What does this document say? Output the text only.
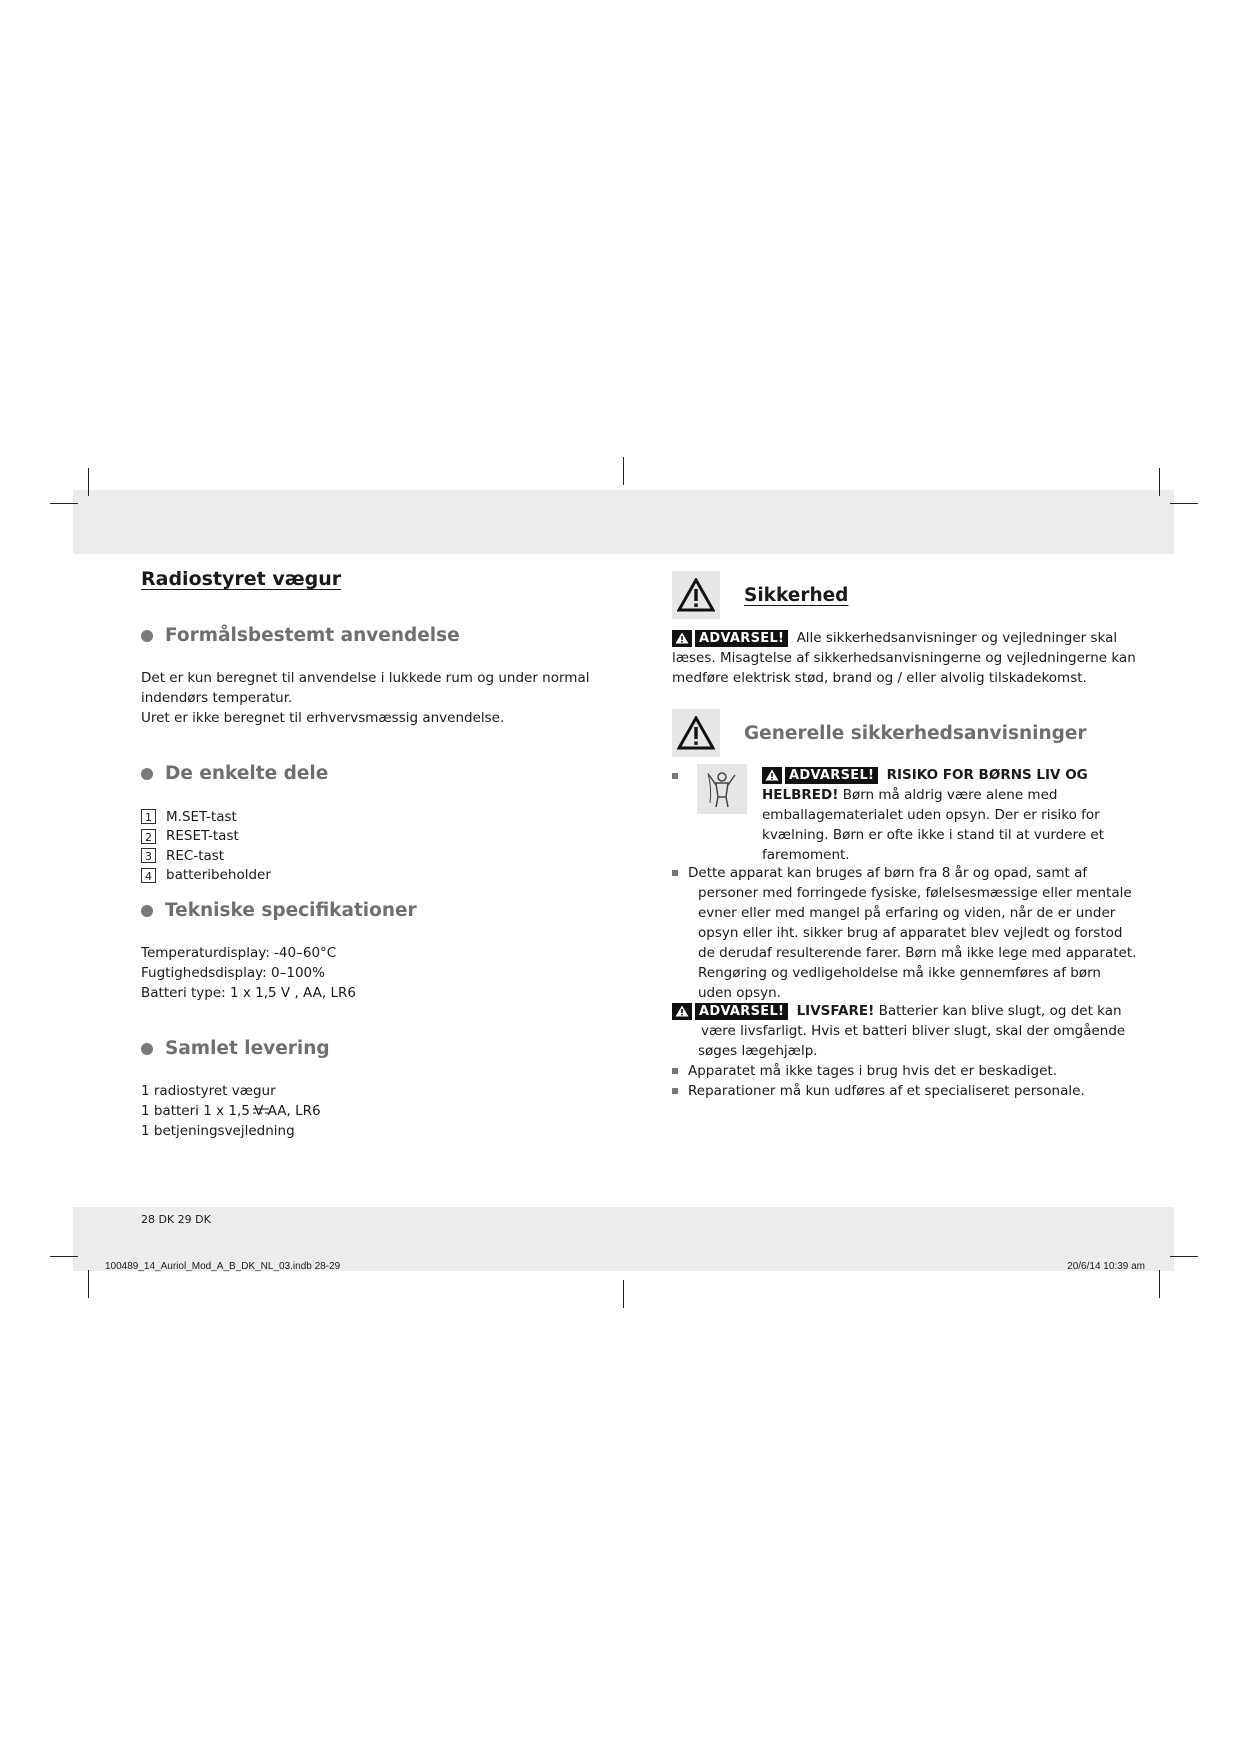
Radiostyret vægur
Formålsbestemt anvendelse
Det er kun beregnet til anvendelse i lukkede rum og under normal
indendørs temperatur.
Uret er ikke beregnet til erhvervsmæssig anvendelse.
De enkelte dele
1 M.SET-tast
2 RESET-tast
3 REC-tast
4 batteribeholder
Tekniske specifikationer
Temperaturdisplay: -40–60°C
Fugtighedsdisplay: 0–100%
Batteri type: 1 x 1,5 V , AA, LR6
Samlet levering
1 radiostyret vægur
1 batteri 1 x 1,5 V AA, LR6
1 betjeningsvejledning
Sikkerhed
ADVARSEL! Alle sikkerhedsanvisninger og vejledninger skal
læses. Misagtelse af sikkerhedsanvisningerne og vejledningerne kan
medføre elektrisk stød, brand og / eller alvolig tilskadekomst.
Generelle sikkerhedsanvisninger
ADVARSEL! RISIKO FOR BØRNS LIV OG
HELBRED! Børn må aldrig være alene med
emballagematerialet uden opsyn. Der er risiko for
kvælning. Børn er ofte ikke i stand til at vurdere et
faremoment.
Dette apparat kan bruges af børn fra 8 år og opad, samt af
personer med forringede fysiske, følelsesmæssige eller mentale
evner eller med mangel på erfaring og viden, når de er under
opsyn eller iht. sikker brug af apparatet blev vejledt og forstod
de derudaf resulterende farer. Børn må ikke lege med apparatet.
Rengøring og vedligeholdelse må ikke gennemføres af børn
uden opsyn.
ADVARSEL! LIVSFARE! Batterier kan blive slugt, og det kan
være livsfarligt. Hvis et batteri bliver slugt, skal der omgående
søges lægehjælp.
Apparatet må ikke tages i brug hvis det er beskadiget.
Reparationer må kun udføres af et specialiseret personale.
28 DK 29 DK
100489_14_Auriol_Mod_A_B_DK_NL_03.indb 28-29	20/6/14 10:39 am
